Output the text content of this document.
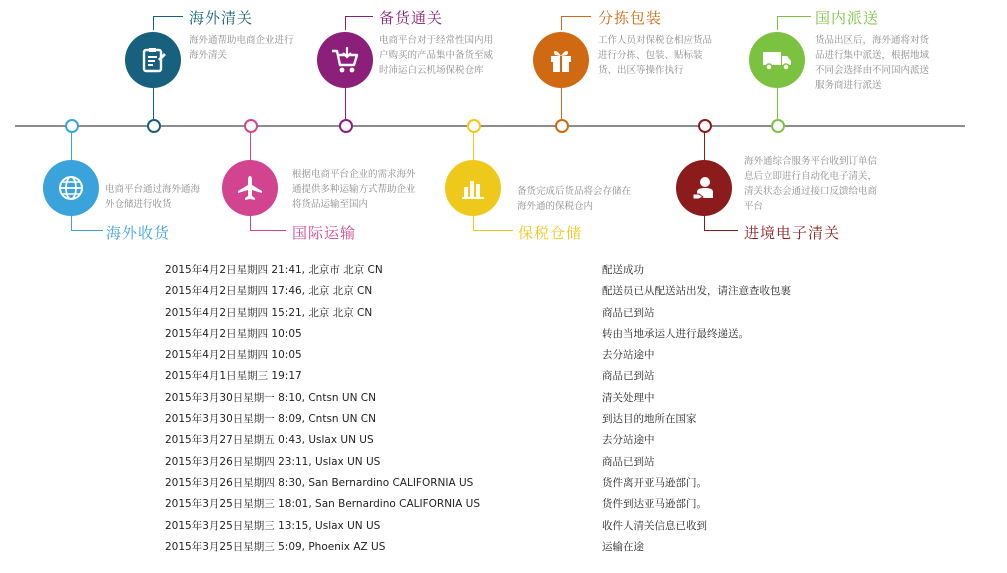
海外清关
海外通帮助电商企业进行海外清关
备货通关
电商平台对于经常性国内用户购买的产品集中备货至威时沛运白云机场保税仓库
分拣包装
工作人员对保税仓相应货品进行分拣、包装、贴标装货、出区等操作执行
国内派送
货品出区后，海外通将对货品进行集中派送，根据地域不同会选择由不同国内派送服务商进行派送
电商平台通过海外通海外仓储进行收货
海外收货
根据电商平台企业的需求海外通提供多种运输方式帮助企业将货品运输至国内
国际运输
备货完成后货品将会存储在海外通的保税仓内
保税仓储
海外通综合服务平台收到订单信息后立即进行自动化电子清关，清关状态会通过接口反馈给电商平台
进境电子清关
2015年4月2日星期四 21:41, 北京市 北京 CN	配送成功
2015年4月2日星期四 17:46, 北京 北京 CN	配送员已从配送站出发，请注意查收包裹
2015年4月2日星期四 15:21, 北京 北京 CN	商品已到站
2015年4月2日星期四 10:05	转由当地承运人进行最终递送。
2015年4月2日星期四 10:05	去分站途中
2015年4月1日星期三 19:17	商品已到站
2015年3月30日星期一 8:10, Cntsn UN CN	清关处理中
2015年3月30日星期一 8:09, Cntsn UN CN	到达目的地所在国家
2015年3月27日星期五 0:43, Uslax UN US	去分站途中
2015年3月26日星期四 23:11, Uslax UN US	商品已到站
2015年3月26日星期四 8:30, San Bernardino CALIFORNIA US	货件离开亚马逊部门。
2015年3月25日星期三 18:01, San Bernardino CALIFORNIA US	货件到达亚马逊部门。
2015年3月25日星期三 13:15, Uslax UN US	收件人清关信息已收到
2015年3月25日星期三 5:09, Phoenix AZ US	运输在途
